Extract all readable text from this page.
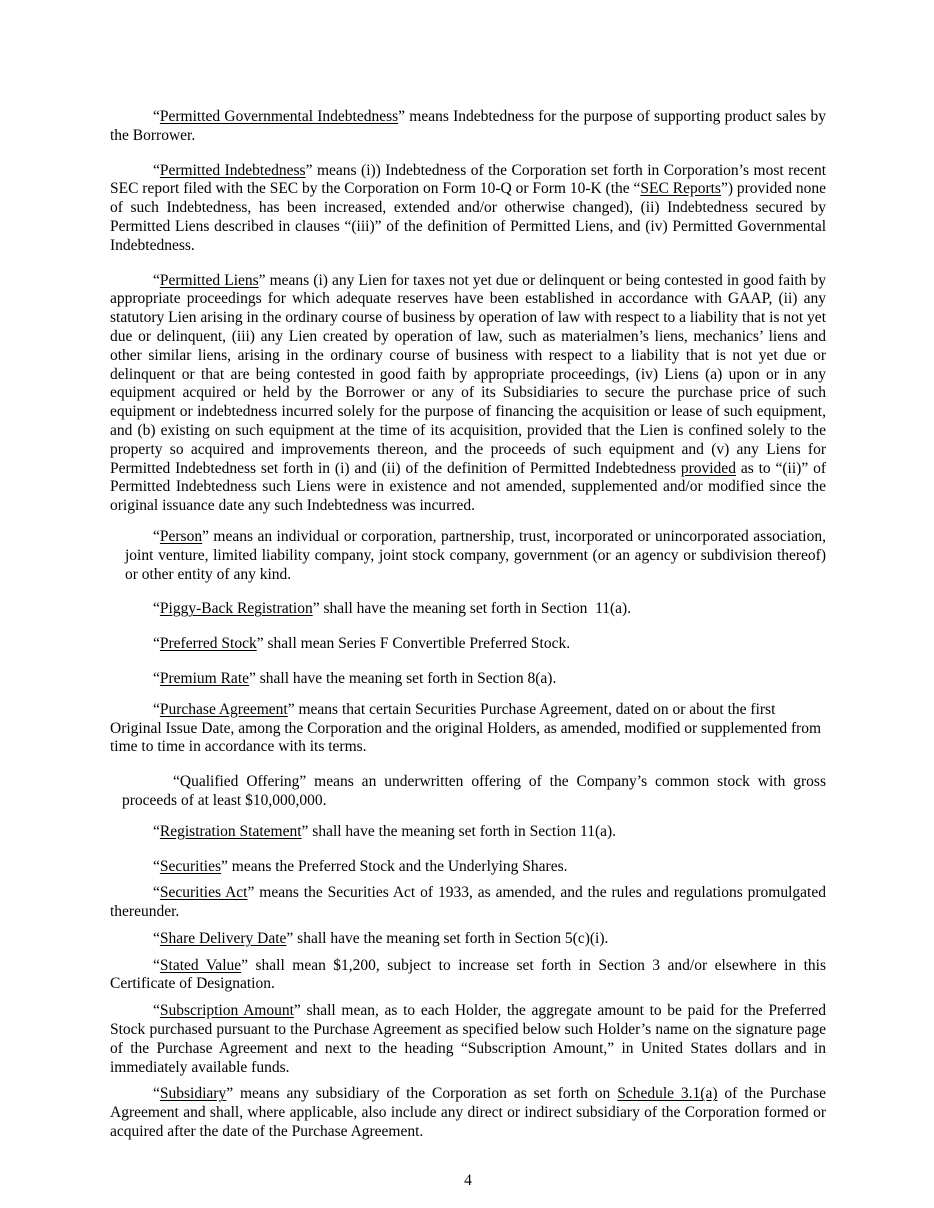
“Permitted Governmental Indebtedness” means Indebtedness for the purpose of supporting product sales by the Borrower.

“Permitted Indebtedness” means (i)) Indebtedness of the Corporation set forth in Corporation’s most recent SEC report filed with the SEC by the Corporation on Form 10-Q or Form 10-K (the “SEC Reports”) provided none of such Indebtedness, has been increased, extended and/or otherwise changed), (ii) Indebtedness secured by Permitted Liens described in clauses “(iii)” of the definition of Permitted Liens, and (iv) Permitted Governmental Indebtedness.

“Permitted Liens” means (i) any Lien for taxes not yet due or delinquent or being contested in good faith by appropriate proceedings for which adequate reserves have been established in accordance with GAAP, (ii) any statutory Lien arising in the ordinary course of business by operation of law with respect to a liability that is not yet due or delinquent, (iii) any Lien created by operation of law, such as materialmen’s liens, mechanics’ liens and other similar liens, arising in the ordinary course of business with respect to a liability that is not yet due or delinquent or that are being contested in good faith by appropriate proceedings, (iv) Liens (a) upon or in any equipment acquired or held by the Borrower or any of its Subsidiaries to secure the purchase price of such equipment or indebtedness incurred solely for the purpose of financing the acquisition or lease of such equipment, and (b) existing on such equipment at the time of its acquisition, provided that the Lien is confined solely to the property so acquired and improvements thereon, and the proceeds of such equipment and (v) any Liens for Permitted Indebtedness set forth in (i) and (ii) of the definition of Permitted Indebtedness provided as to “(ii)” of Permitted Indebtedness such Liens were in existence and not amended, supplemented and/or modified since the original issuance date any such Indebtedness was incurred.

“Person” means an individual or corporation, partnership, trust, incorporated or unincorporated association, joint venture, limited liability company, joint stock company, government (or an agency or subdivision thereof) or other entity of any kind.

“Piggy-Back Registration” shall have the meaning set forth in Section  11(a).

“Preferred Stock” shall mean Series F Convertible Preferred Stock.

“Premium Rate” shall have the meaning set forth in Section 8(a).

“Purchase Agreement” means that certain Securities Purchase Agreement, dated on or about the first Original Issue Date, among the Corporation and the original Holders, as amended, modified or supplemented from time to time in accordance with its terms.

“Qualified Offering” means an underwritten offering of the Company’s common stock with gross proceeds of at least $10,000,000.

“Registration Statement” shall have the meaning set forth in Section 11(a).

“Securities” means the Preferred Stock and the Underlying Shares.

“Securities Act” means the Securities Act of 1933, as amended, and the rules and regulations promulgated thereunder.

“Share Delivery Date” shall have the meaning set forth in Section 5(c)(i).

“Stated Value” shall mean $1,200, subject to increase set forth in Section 3 and/or elsewhere in this Certificate of Designation.

“Subscription Amount” shall mean, as to each Holder, the aggregate amount to be paid for the Preferred Stock purchased pursuant to the Purchase Agreement as specified below such Holder’s name on the signature page of the Purchase Agreement and next to the heading “Subscription Amount,” in United States dollars and in immediately available funds.

“Subsidiary” means any subsidiary of the Corporation as set forth on Schedule 3.1(a) of the Purchase Agreement and shall, where applicable, also include any direct or indirect subsidiary of the Corporation formed or acquired after the date of the Purchase Agreement.

4
